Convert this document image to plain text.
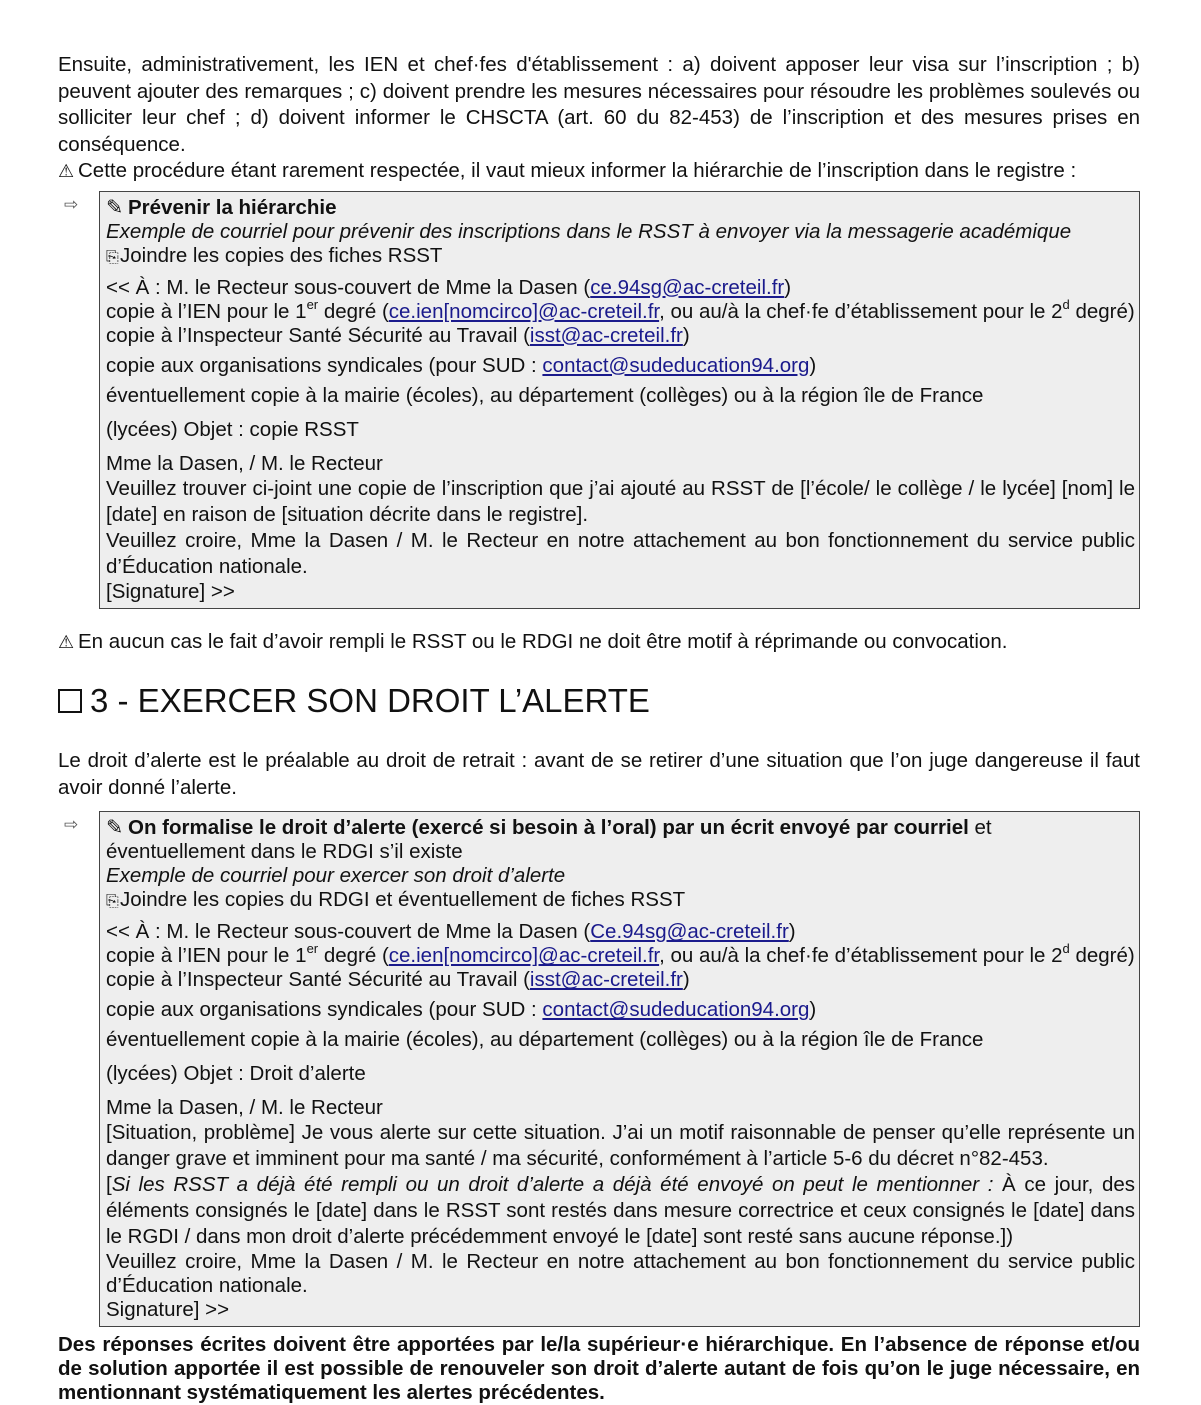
Ensuite, administrativement, les IEN et chef·fes d'établissement : a) doivent apposer leur visa sur l’inscription ; b) peuvent ajouter des remarques ; c) doivent prendre les mesures nécessaires pour résoudre les problèmes soulevés ou solliciter leur chef ; d) doivent informer le CHSCTA (art. 60 du 82-453) de l’inscription et des mesures prises en conséquence.

⚠ Cette procédure étant rarement respectée, il vaut mieux informer la hiérarchie de l’inscription dans le registre :

⇨ ✎ Prévenir la hiérarchie

Exemple de courriel pour prévenir des inscriptions dans le RSST à envoyer via la messagerie académique

⎘Joindre les copies des fiches RSST

<< À : M. le Recteur sous-couvert de Mme la Dasen (ce.94sg@ac-creteil.fr)

copie à l’IEN pour le 1er degré (ce.ien[nomcirco]@ac-creteil.fr, ou au/à la chef·fe d’établissement pour le 2$^d$ degré)

copie à l’Inspecteur Santé Sécurité au Travail (isst@ac-creteil.fr)

copie aux organisations syndicales (pour SUD : contact@sudeducation94.org)

éventuellement copie à la mairie (écoles), au département (collèges) ou à la région île de France

(lycées) Objet : copie RSST

Mme la Dasen, / M. le Recteur

Veuillez trouver ci-joint une copie de l’inscription que j’ai ajouté au RSST de [l’école/ le collège / le lycée] [nom] le [date] en raison de [situation décrite dans le registre].

Veuillez croire, Mme la Dasen / M. le Recteur en notre attachement au bon fonctionnement du service public d’Éducation nationale.

[Signature] >>

⚠ En aucun cas le fait d’avoir rempli le RSST ou le RDGI ne doit être motif à réprimande ou convocation.

3 - EXERCER SON DROIT L’ALERTE

Le droit d’alerte est le préalable au droit de retrait : avant de se retirer d’une situation que l’on juge dangereuse il faut avoir donné l’alerte.

⇨ ✎ On formalise le droit d’alerte (exercé si besoin à l’oral) par un écrit envoyé par courriel et

éventuellement dans le RDGI s’il existe

Exemple de courriel pour exercer son droit d’alerte

⎘Joindre les copies du RDGI et éventuellement de fiches RSST

<< À : M. le Recteur sous-couvert de Mme la Dasen (Ce.94sg@ac-creteil.fr)

copie à l’IEN pour le 1er degré (ce.ien[nomcirco]@ac-creteil.fr, ou au/à la chef·fe d’établissement pour le 2$^d$ degré)

copie à l’Inspecteur Santé Sécurité au Travail (isst@ac-creteil.fr)

copie aux organisations syndicales (pour SUD : contact@sudeducation94.org)

éventuellement copie à la mairie (écoles), au département (collèges) ou à la région île de France

(lycées) Objet : Droit d’alerte

Mme la Dasen, / M. le Recteur

[Situation, problème] Je vous alerte sur cette situation. J’ai un motif raisonnable de penser qu’elle représente un danger grave et imminent pour ma santé / ma sécurité, conformément à l’article 5-6 du décret n°82-453.

[Si les RSST a déjà été rempli ou un droit d’alerte a déjà été envoyé on peut le mentionner : À ce jour, des éléments consignés le [date] dans le RSST sont restés dans mesure correctrice et ceux consignés le [date] dans le RGDI / dans mon droit d’alerte précédemment envoyé le [date] sont resté sans aucune réponse.])

Veuillez croire, Mme la Dasen / M. le Recteur en notre attachement au bon fonctionnement du service public d’Éducation nationale.

Signature] >>

Des réponses écrites doivent être apportées par le/la supérieur·e hiérarchique. En l’absence de réponse et/ou de solution apportée il est possible de renouveler son droit d’alerte autant de fois qu’on le juge nécessaire, en mentionnant systématiquement les alertes précédentes.
